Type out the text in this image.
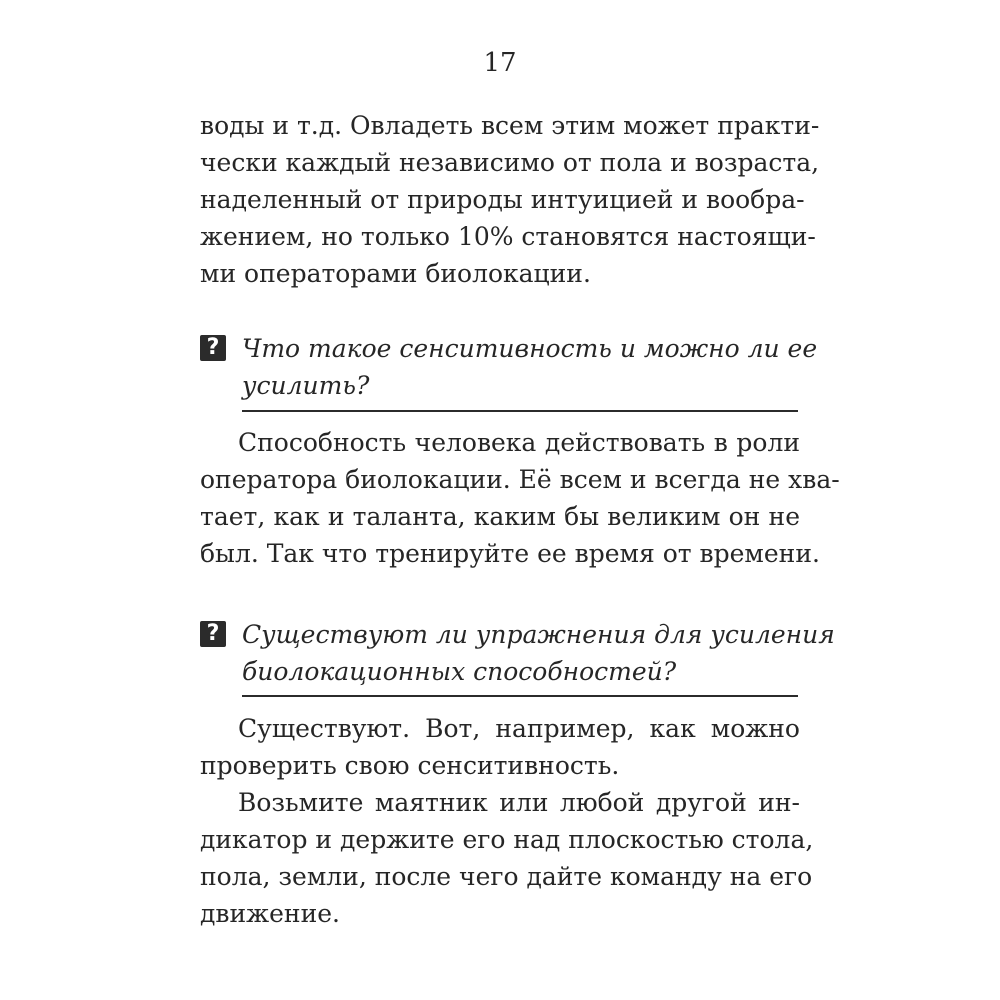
17
воды и т.д. Овладеть всем этим может практи-
чески каждый независимо от пола и возраста,
наделенный от природы интуицией и вообра-
жением, но только 10% становятся настоящи-
ми операторами биолокации.
? Что такое сенситивность и можно ли ее
усилить?
Способность человека действовать в роли
оператора биолокации. Её всем и всегда не хва-
тает, как и таланта, каким бы великим он не
был. Так что тренируйте ее время от времени.
? Существуют ли упражнения для усиления
биолокационных способностей?
Существуют. Вот, например, как можно
проверить свою сенситивность.
Возьмите маятник или любой другой ин-
дикатор и держите его над плоскостью стола,
пола, земли, после чего дайте команду на его
движение.
